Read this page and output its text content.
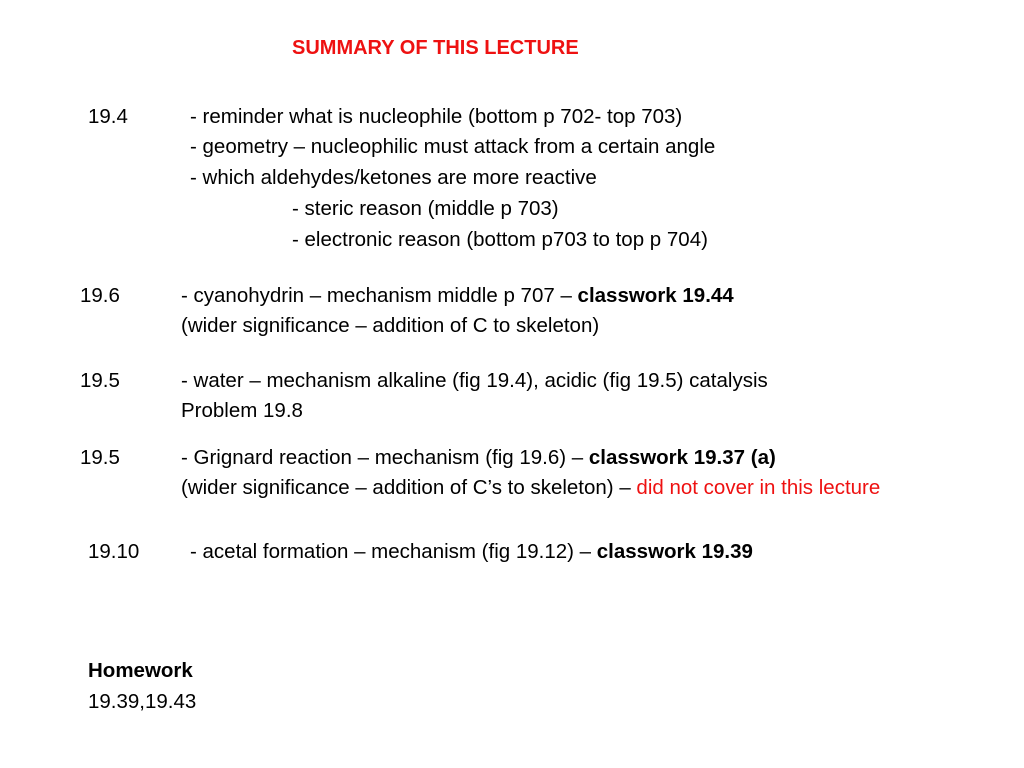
SUMMARY OF THIS LECTURE
19.4	- reminder what is nucleophile (bottom p 702- top 703)
- geometry – nucleophilic must attack from a certain angle
- which aldehydes/ketones are more reactive
- steric reason (middle p 703)
- electronic reason (bottom p703 to top p 704)
19.6	- cyanohydrin – mechanism middle p 707 – classwork 19.44
(wider significance – addition of C to skeleton)
19.5	- water – mechanism alkaline (fig 19.4), acidic (fig 19.5) catalysis
Problem 19.8
19.5	- Grignard reaction – mechanism (fig 19.6) – classwork 19.37 (a)
(wider significance – addition of C’s to skeleton) – did not cover in this lecture
19.10 - acetal formation – mechanism (fig 19.12) – classwork 19.39
Homework
19.39,19.43
